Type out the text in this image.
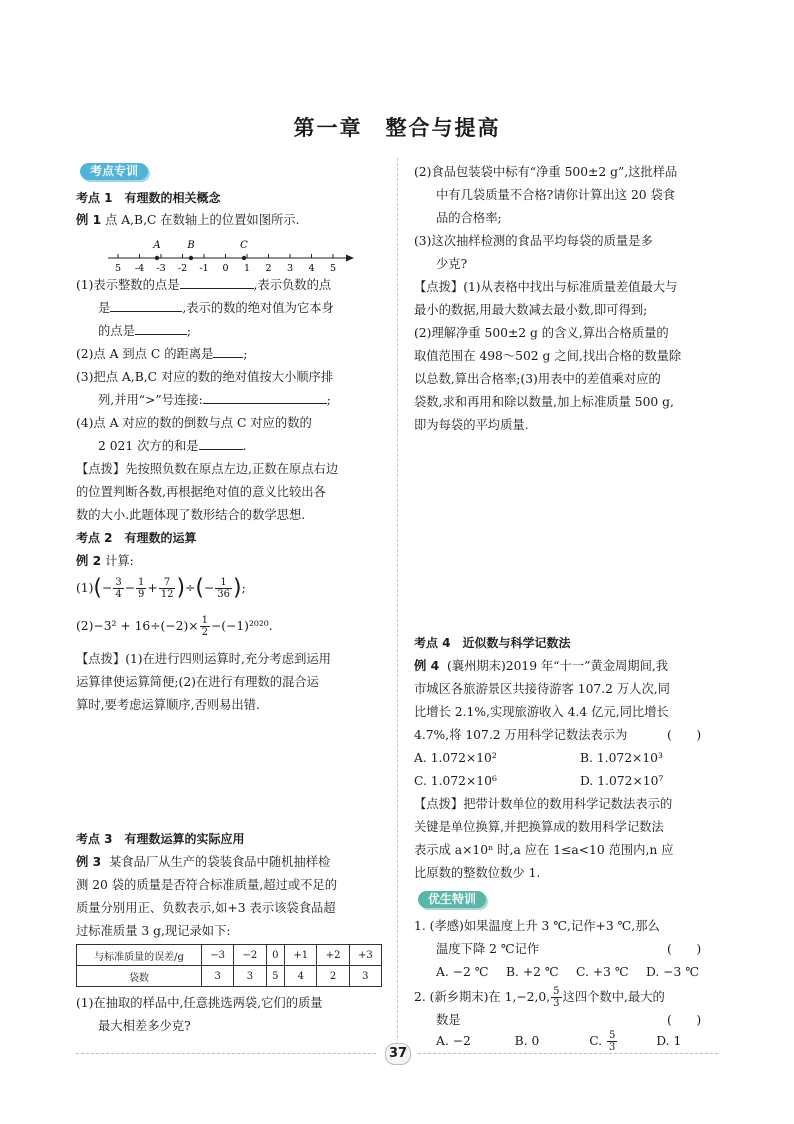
第一章　整合与提高
考点专训
考点 1　有理数的相关概念
例 1 点 A,B,C 在数轴上的位置如图所示.
5 -4 -3 -2 -1 0 1 2 3 4 5
A	B	C
(1)表示整数的点是	,表示负数的点
是	,表示的数的绝对值为它本身
的点是	;
(2)点 A 到点 C 的距离是 ;
(3)把点 A,B,C 对应的数的绝对值按大小顺序排
列,并用“>”号连接:	;
(4)点 A 对应的数的倒数与点 C 对应的数的
2 021 次方的和是	.
【点拨】先按照负数在原点左边,正数在原点右边
的位置判断各数,再根据绝对值的意义比较出各
数的大小.此题体现了数形结合的数学思想.
考点 2　有理数的运算
例 2 计算:
$(1)(- \frac{3}{4} - \frac{1}{9} + \frac{7}{12}$ )÷(− $\frac{1}{36}$ );
$(2)-3^2 + 16\div(-2)\times \frac{1}{2} -(-1)^{2020}$.
【点拨】(1)在进行四则运算时,充分考虑到运用
运算律使运算简便;(2)在进行有理数的混合运
算时,要考虑运算顺序,否则易出错.
考点 3　有理数运算的实际应用
例 3 某食品厂从生产的袋装食品中随机抽样检
测 20 袋的质量是否符合标准质量,超过或不足的
质量分别用正、负数表示,如+3 表示该袋食品超
过标准质量 3 g,现记录如下:
与标准质量的误差/g	−3	−2	0	+1	+2	+3
袋数	3	3	5	4	2	3
(1)在抽取的样品中,任意挑选两袋,它们的质量
最大相差多少克?
(2)食品包装袋中标有“净重 500±2 g”,这批样品
中有几袋质量不合格?请你计算出这 20 袋食
品的合格率;
(3)这次抽样检测的食品平均每袋的质量是多
少克?
【点拨】(1)从表格中找出与标准质量差值最大与
最小的数据,用最大数减去最小数,即可得到;
(2)理解净重 500±2 g 的含义,算出合格质量的
取值范围在 498～502 g 之间,找出合格的数量除
以总数,算出合格率;(3)用表中的差值乘对应的
袋数,求和再用和除以数量,加上标准质量 500 g,
即为每袋的平均质量.
考点 4　近似数与科学记数法
例 4 (襄州期末)2019 年“十一”黄金周期间,我
市城区各旅游景区共接待游客 107.2 万人次,同
比增长 2.1%,实现旅游收入 4.4 亿元,同比增长
4.7%,将 107.2 万用科学记数法表示为	(　　)
A. 1.072×10²	B. 1.072×10³
C. 1.072×10⁶	D. 1.072×10⁷
【点拨】把带计数单位的数用科学记数法表示的
关键是单位换算,并把换算成的数用科学记数法
表示成 a×10ⁿ 时,a 应在 1≤a<10 范围内,n 应
比原数的整数位数少 1.
优生特训
1. (孝感)如果温度上升 3 ℃,记作+3 ℃,那么
温度下降 2 ℃记作	(　　)
A. −2 ℃ B. +2 ℃ C. +3 ℃ D. −3 ℃
2. (新乡期末)在 1,−2,0, $\frac{5}{3}$ 这四个数中,最大的
数是	(　　)
A. −2	B. 0	C. $\frac{5}{3}$	D. 1
37
